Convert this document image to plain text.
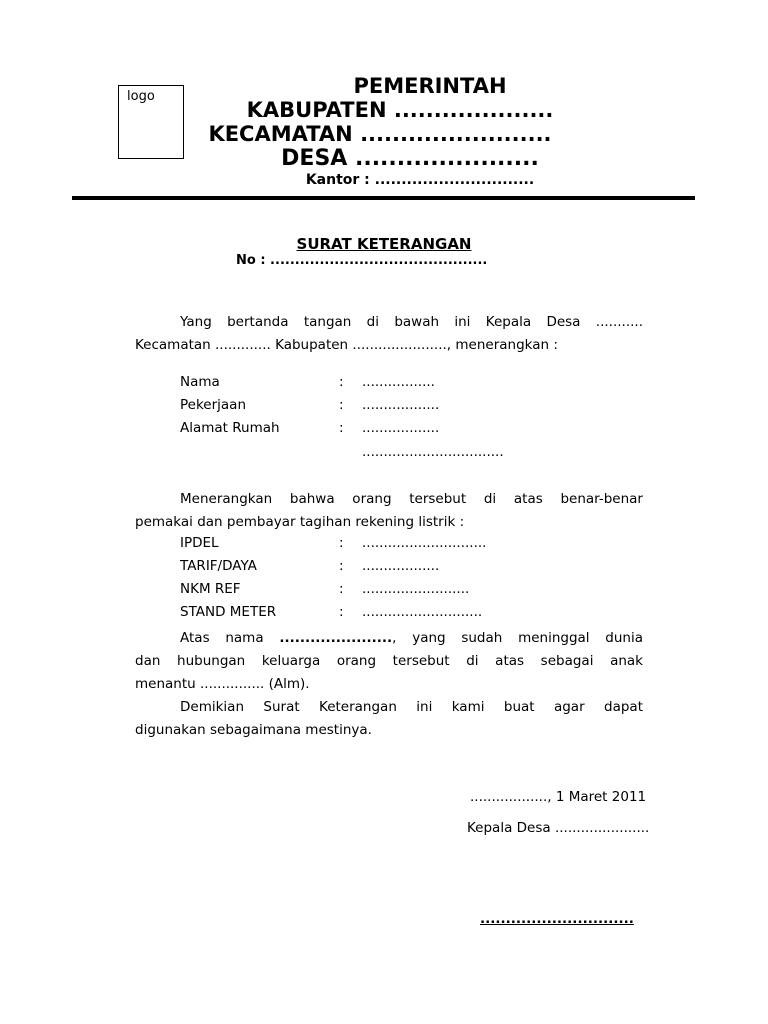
logo	PEMERINTAH
KABUPATEN ....................
KECAMATAN ........................
DESA ......................
Kantor : ..............................
SURAT KETERANGAN
No : ............................................
Yang bertanda tangan di bawah ini Kepala Desa ...........
Kecamatan ............. Kabupaten ......................, menerangkan :
Nama	: .................
Pekerjaan	: ..................
Alamat Rumah	: ..................
.................................
Menerangkan bahwa orang tersebut di atas benar-benar
pemakai dan pembayar tagihan rekening listrik :
IPDEL	: .............................
TARIF/DAYA	: ..................
NKM REF	: .........................
STAND METER	: ............................
Atas nama ......................, yang sudah meninggal dunia
dan hubungan keluarga orang tersebut di atas sebagai anak
menantu ............... (Alm).
Demikian Surat Keterangan ini kami buat agar dapat
digunakan sebagaimana mestinya.
.................., 1 Maret 2011
Kepala Desa ......................
..............................
